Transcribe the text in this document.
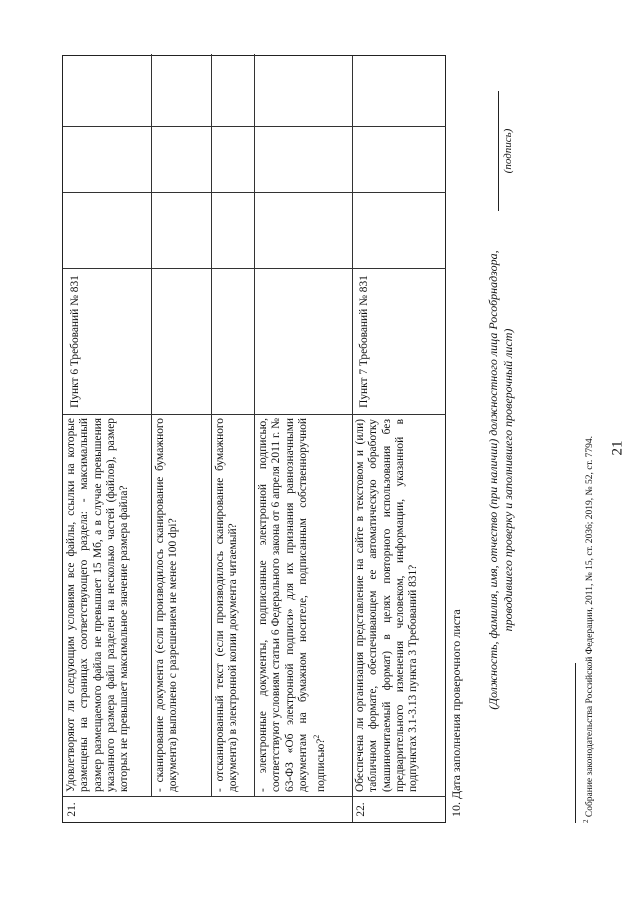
21
21.
Удовлетворяют ли следующим условиям все файлы, ссылки на которые размещены на страницах соответствующего раздела: - максимальный размер размещаемого файла не превышает 15 Мб, а в случае превышения указанного размера файл разделен на несколько частей (файлов), размер которых не превышает максимальное значение размера файла? - сканирование документа (если производилось сканирование бумажного документа) выполнено с разрешением не менее 100 dpi?	- отсканированный текст (если производилось сканирование бумажного документа) в электронной копии документа читаемый?	- электронные документы, подписанные электронной подписью, соответствуют условиям статьи 6 Федерального закона от 6 апреля 2011 г. № 63-ФЗ «Об электронной подписи» для их признания равнозначными документам на бумажном носителе, подписанным собственноручной подписью?$^2$
Пункт 6 Требований № 831
22.
Обеспечена ли организация представление на сайте в текстовом и (или) табличном формате, обеспечивающем ее автоматическую обработку (машиночитаемый формат) в целях повторного использования без предварительного изменения человеком, информации, указанной в подпунктах 3.1-3.13 пункта 3 Требований 831?
Пункт 7 Требований № 831
10. Дата заполнения проверочного листа
(Должность, фамилия, имя, отчество (при наличии) должностного лица Рособрнадзора, проводившего проверку и заполнившего проверочный лист)
(подпись)
$^2$ Собрание законодательства Российской Федерации, 2011, № 15, ст. 2036; 2019, № 52, ст. 7794.
